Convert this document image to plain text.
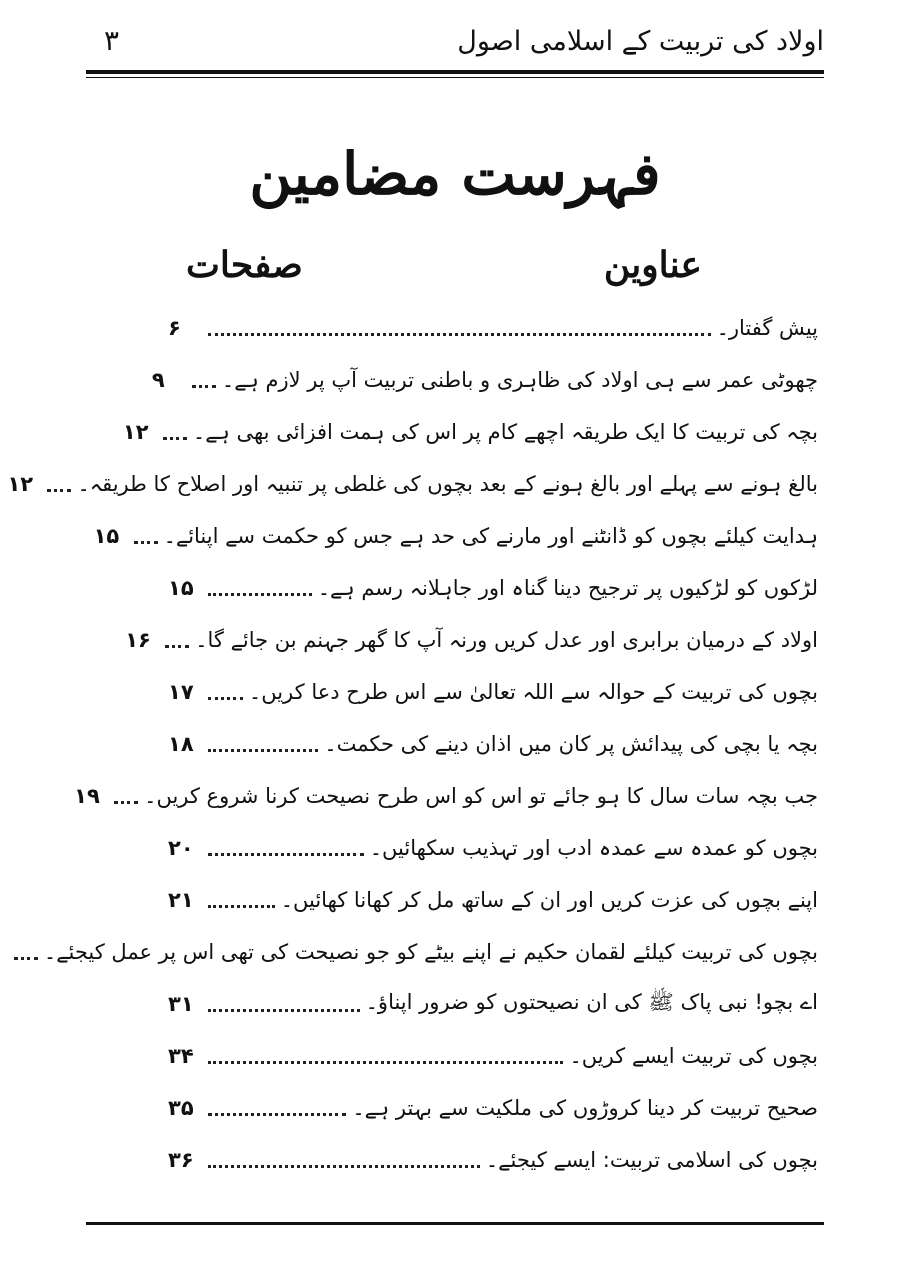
اولاد کی تربیت کے اسلامی اصول
۳
فہرست مضامین
عناوین
صفحات
پیش گفتار۔
۶
چھوٹی عمر سے ہی اولاد کی ظاہری و باطنی تربیت آپ پر لازم ہے۔
۹
بچہ کی تربیت کا ایک طریقہ اچھے کام پر اس کی ہمت افزائی بھی ہے۔
۱۲
بالغ ہونے سے پہلے اور بالغ ہونے کے بعد بچوں کی غلطی پر تنبیہ اور اصلاح کا طریقہ۔
۱۲
ہدایت کیلئے بچوں کو ڈانٹنے اور مارنے کی حد ہے جس کو حکمت سے اپنائے۔
۱۵
لڑکوں کو لڑکیوں پر ترجیح دینا گناہ اور جاہلانہ رسم ہے۔
۱۵
اولاد کے درمیان برابری اور عدل کریں ورنہ آپ کا گھر جہنم بن جائے گا۔
۱۶
بچوں کی تربیت کے حوالہ سے اللہ تعالیٰ سے اس طرح دعا کریں۔
۱۷
بچہ یا بچی کی پیدائش پر کان میں اذان دینے کی حکمت۔
۱۸
جب بچہ سات سال کا ہو جائے تو اس کو اس طرح نصیحت کرنا شروع کریں۔
۱۹
بچوں کو عمدہ سے عمدہ ادب اور تہذیب سکھائیں۔
۲۰
اپنے بچوں کی عزت کریں اور ان کے ساتھ مل کر کھانا کھائیں۔
۲۱
بچوں کی تربیت کیلئے لقمان حکیم نے اپنے بیٹے کو جو نصیحت کی تھی اس پر عمل کیجئے۔
اے بچو! نبی پاک ﷺ کی ان نصیحتوں کو ضرور اپناؤ۔
۳۱
بچوں کی تربیت ایسے کریں۔
۳۴
صحیح تربیت کر دینا کروڑوں کی ملکیت سے بہتر ہے۔
۳۵
بچوں کی اسلامی تربیت: ایسے کیجئے۔
۳۶
